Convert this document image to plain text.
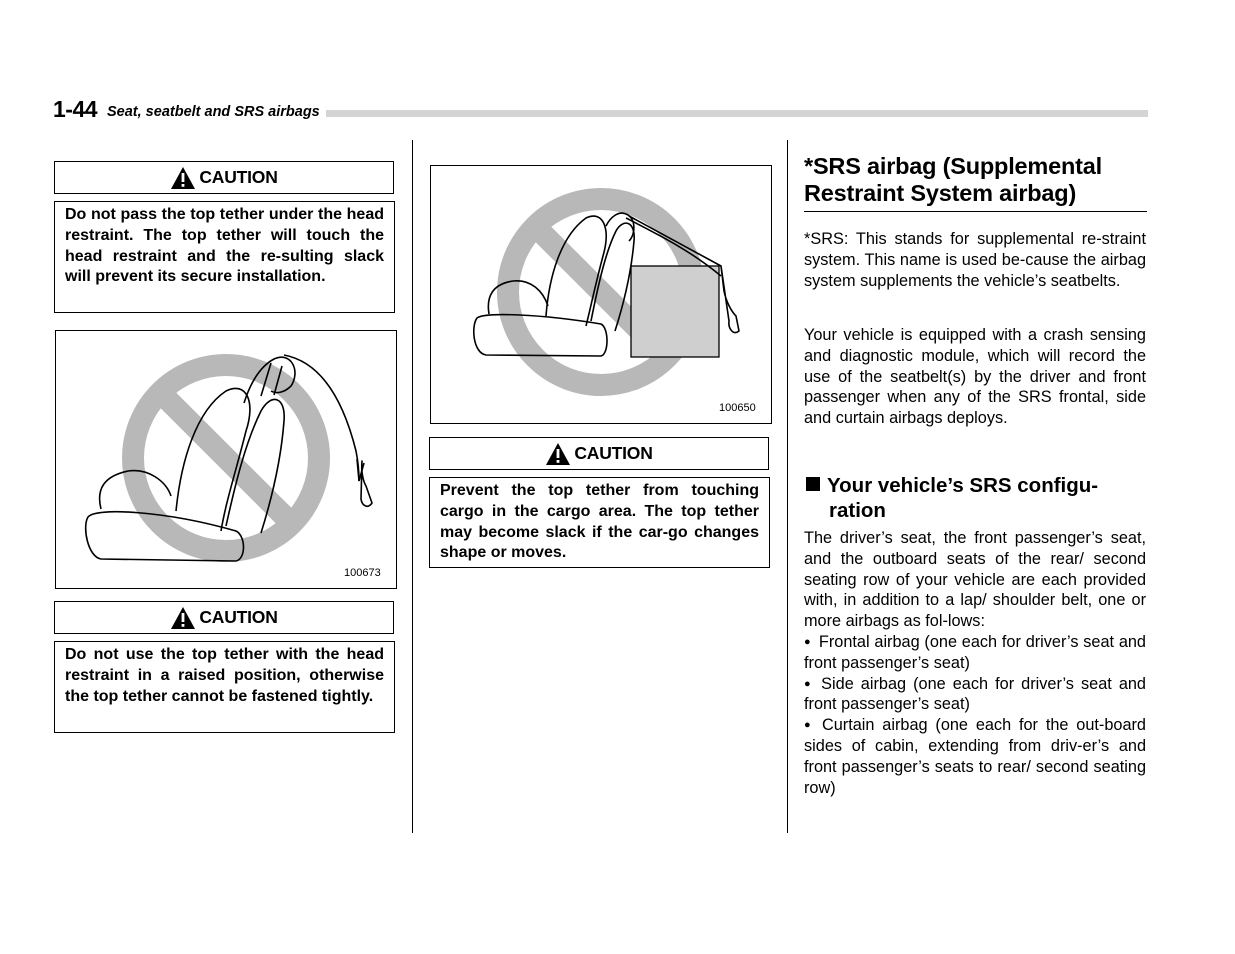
1-44 Seat, seatbelt and SRS airbags
CAUTION
Do not pass the top tether under the head restraint. The top tether will touch the head restraint and the re-sulting slack will prevent its secure installation.
100673
CAUTION
Do not use the top tether with the head restraint in a raised position, otherwise the top tether cannot be fastened tightly.
100650
CAUTION
Prevent the top tether from touching cargo in the cargo area. The top tether may become slack if the car-go changes shape or moves.
*SRS airbag (Supplemental Restraint System airbag)
*SRS: This stands for supplemental re-straint system. This name is used be-cause the airbag system supplements the vehicle’s seatbelts.
Your vehicle is equipped with a crash sensing and diagnostic module, which will record the use of the seatbelt(s) by the driver and front passenger when any of the SRS frontal, side and curtain airbags deploys.
Your vehicle’s SRS configu-
ration
The driver’s seat, the front passenger’s seat, and the outboard seats of the rear/ second seating row of your vehicle are each provided with, in addition to a lap/ shoulder belt, one or more airbags as fol-lows:
● Frontal airbag (one each for driver’s seat and front passenger’s seat)
● Side airbag (one each for driver’s seat and front passenger’s seat)
● Curtain airbag (one each for the out-board sides of cabin, extending from driv-er’s and front passenger’s seats to rear/ second seating row)
